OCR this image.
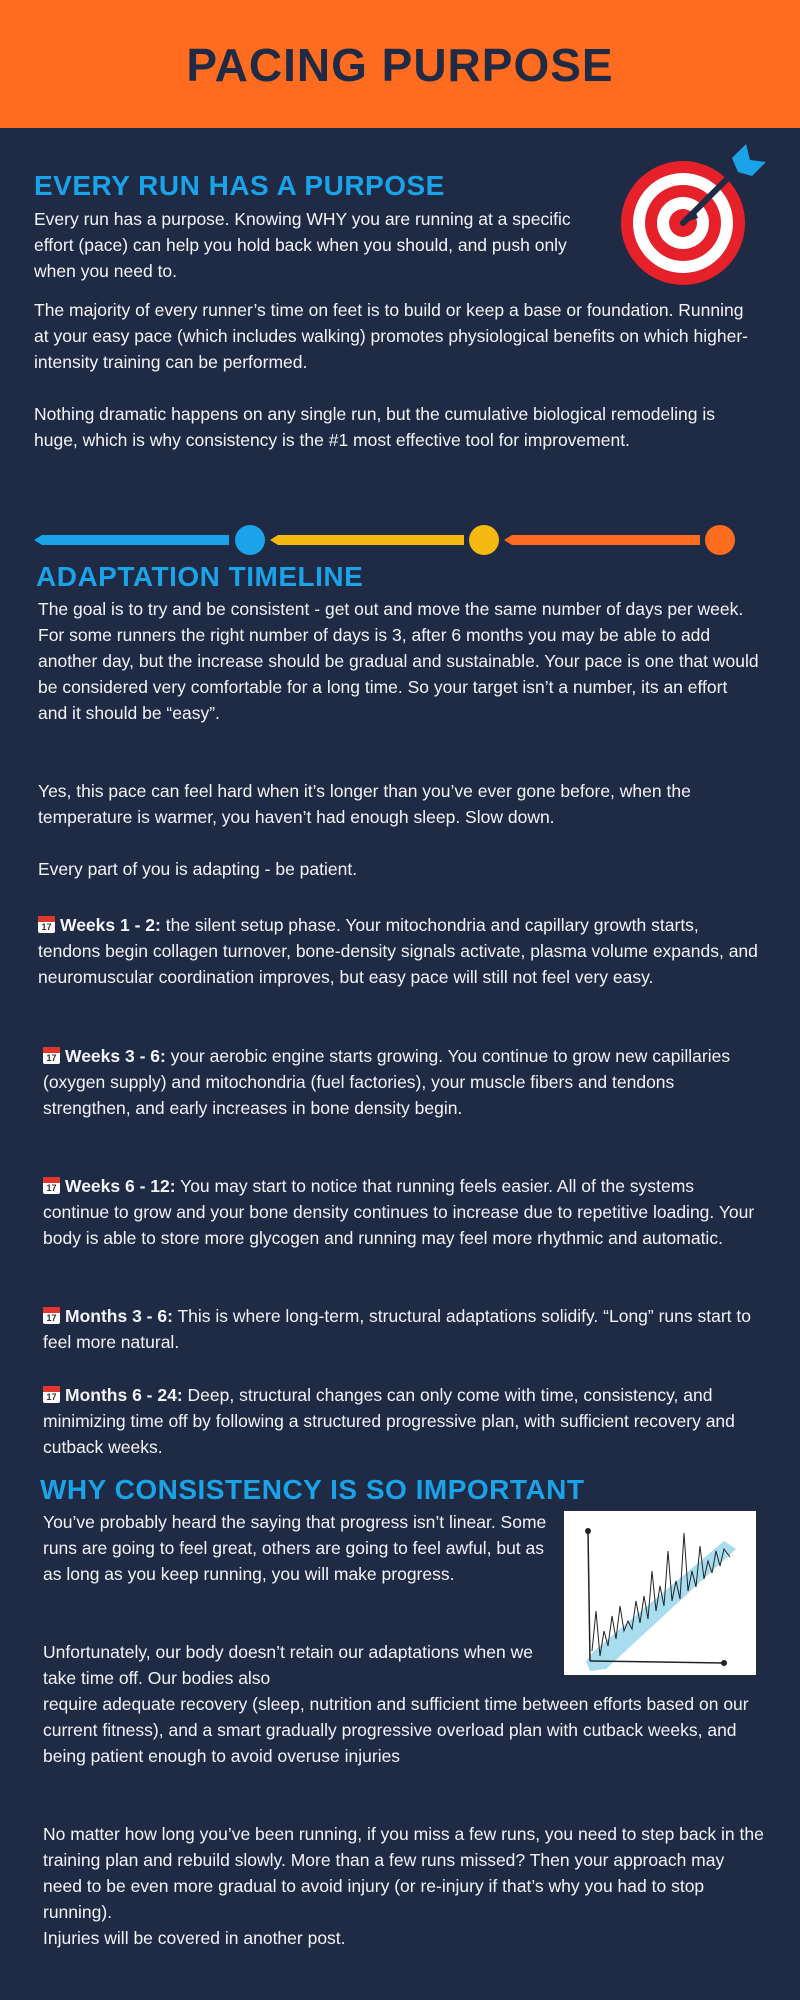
PACING PURPOSE
EVERY RUN HAS A PURPOSE

Every run has a purpose. Knowing WHY you are running at a specific effort (pace) can help you hold back when you should, and push only when you need to.

The majority of every runner’s time on feet is to build or keep a base or foundation. Running at your easy pace (which includes walking) promotes physiological benefits on which higher-intensity training can be performed.

Nothing dramatic happens on any single run, but the cumulative biological remodeling is huge, which is why consistency is the #1 most effective tool for improvement.

ADAPTATION TIMELINE

The goal is to try and be consistent - get out and move the same number of days per week. For some runners the right number of days is 3, after 6 months you may be able to add another day, but the increase should be gradual and sustainable. Your pace is one that would be considered very comfortable for a long time. So your target isn’t a number, its an effort and it should be “easy”.

Yes, this pace can feel hard when it’s longer than you’ve ever gone before, when the temperature is warmer, you haven’t had enough sleep. Slow down.

Every part of you is adapting - be patient.

17Weeks 1 - 2: the silent setup phase. Your mitochondria and capillary growth starts, tendons begin collagen turnover, bone-density signals activate, plasma volume expands, and neuromuscular coordination improves, but easy pace will still not feel very easy.

17Weeks 3 - 6: your aerobic engine starts growing. You continue to grow new capillaries (oxygen supply) and mitochondria (fuel factories), your muscle fibers and tendons strengthen, and early increases in bone density begin.

17Weeks 6 - 12: You may start to notice that running feels easier. All of the systems continue to grow and your bone density continues to increase due to repetitive loading. Your body is able to store more glycogen and running may feel more rhythmic and automatic.

17Months 3 - 6: This is where long-term, structural adaptations solidify. “Long” runs start to feel more natural.

17Months 6 - 24: Deep, structural changes can only come with time, consistency, and minimizing time off by following a structured progressive plan, with sufficient recovery and cutback weeks.

WHY CONSISTENCY IS SO IMPORTANT

You’ve probably heard the saying that progress isn’t linear. Some runs are going to feel great, others are going to feel awful, but as as long as you keep running, you will make progress.

Unfortunately, our body doesn’t retain our adaptations when we take time off. Our bodies also

require adequate recovery (sleep, nutrition and sufficient time between efforts based on our current fitness), and a smart gradually progressive overload plan with cutback weeks, and being patient enough to avoid overuse injuries

No matter how long you’ve been running, if you miss a few runs, you need to step back in the training plan and rebuild slowly. More than a few runs missed? Then your approach may need to be even more gradual to avoid injury (or re-injury if that’s why you had to stop running).

Injuries will be covered in another post.
